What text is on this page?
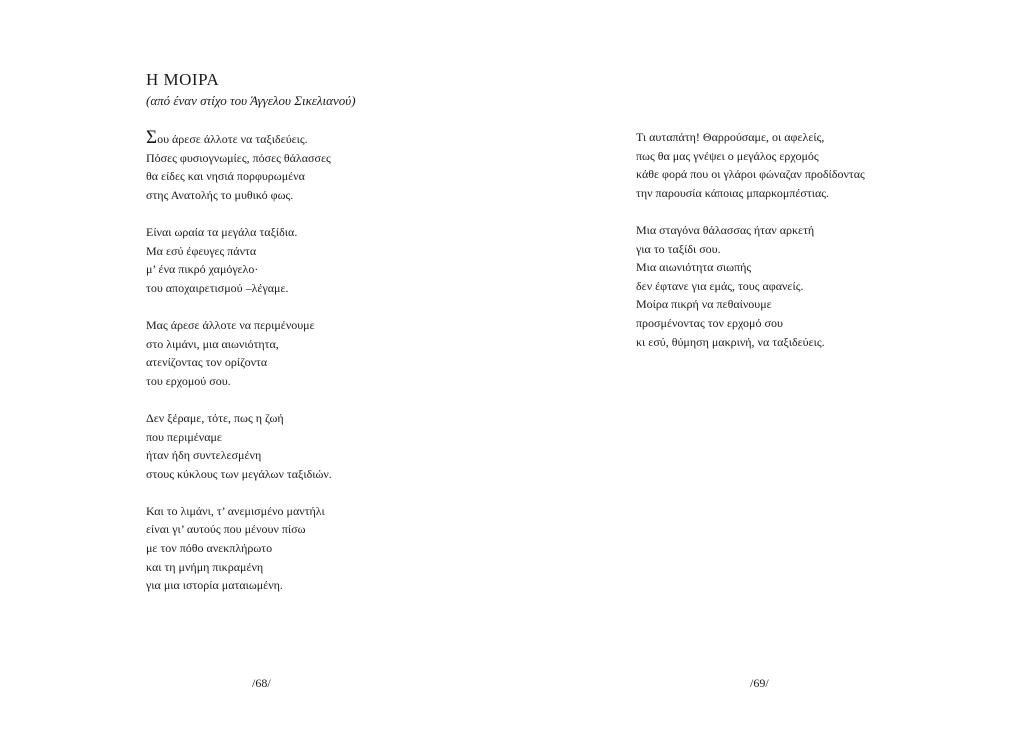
Η ΜΟΙΡΑ
(από έναν στίχο του Άγγελου Σικελιανού)

Σου άρεσε άλλοτε να ταξιδεύεις.
Πόσες φυσιογνωμίες, πόσες θάλασσες
θα είδες και νησιά πορφυρωμένα
στης Ανατολής το μυθικό φως.

Είναι ωραία τα μεγάλα ταξίδια.
Μα εσύ έφευγες πάντα
μ’ ένα πικρό χαμόγελο·
του αποχαιρετισμού –λέγαμε.

Μας άρεσε άλλοτε να περιμένουμε
στο λιμάνι, μια αιωνιότητα,
ατενίζοντας τον ορίζοντα
του ερχομού σου.

Δεν ξέραμε, τότε, πως η ζωή
που περιμέναμε
ήταν ήδη συντελεσμένη
στους κύκλους των μεγάλων ταξιδιών.

Και το λιμάνι, τ’ ανεμισμένο μαντήλι
είναι γι’ αυτούς που μένουν πίσω
με τον πόθο ανεκπλήρωτο
και τη μνήμη πικραμένη
για μια ιστορία ματαιωμένη.

/68/

Τι αυταπάτη! Θαρρούσαμε, οι αφελείς,
πως θα μας γνέψει ο μεγάλος ερχομός
κάθε φορά που οι γλάροι φώναζαν προδίδοντας
την παρουσία κάποιας μπαρκομπέστιας.

Μια σταγόνα θάλασσας ήταν αρκετή
για το ταξίδι σου.
Μια αιωνιότητα σιωπής
δεν έφτανε για εμάς, τους αφανείς.
Μοίρα πικρή να πεθαίνουμε
προσμένοντας τον ερχομό σου
κι εσύ, θύμηση μακρινή, να ταξιδεύεις.

/69/
